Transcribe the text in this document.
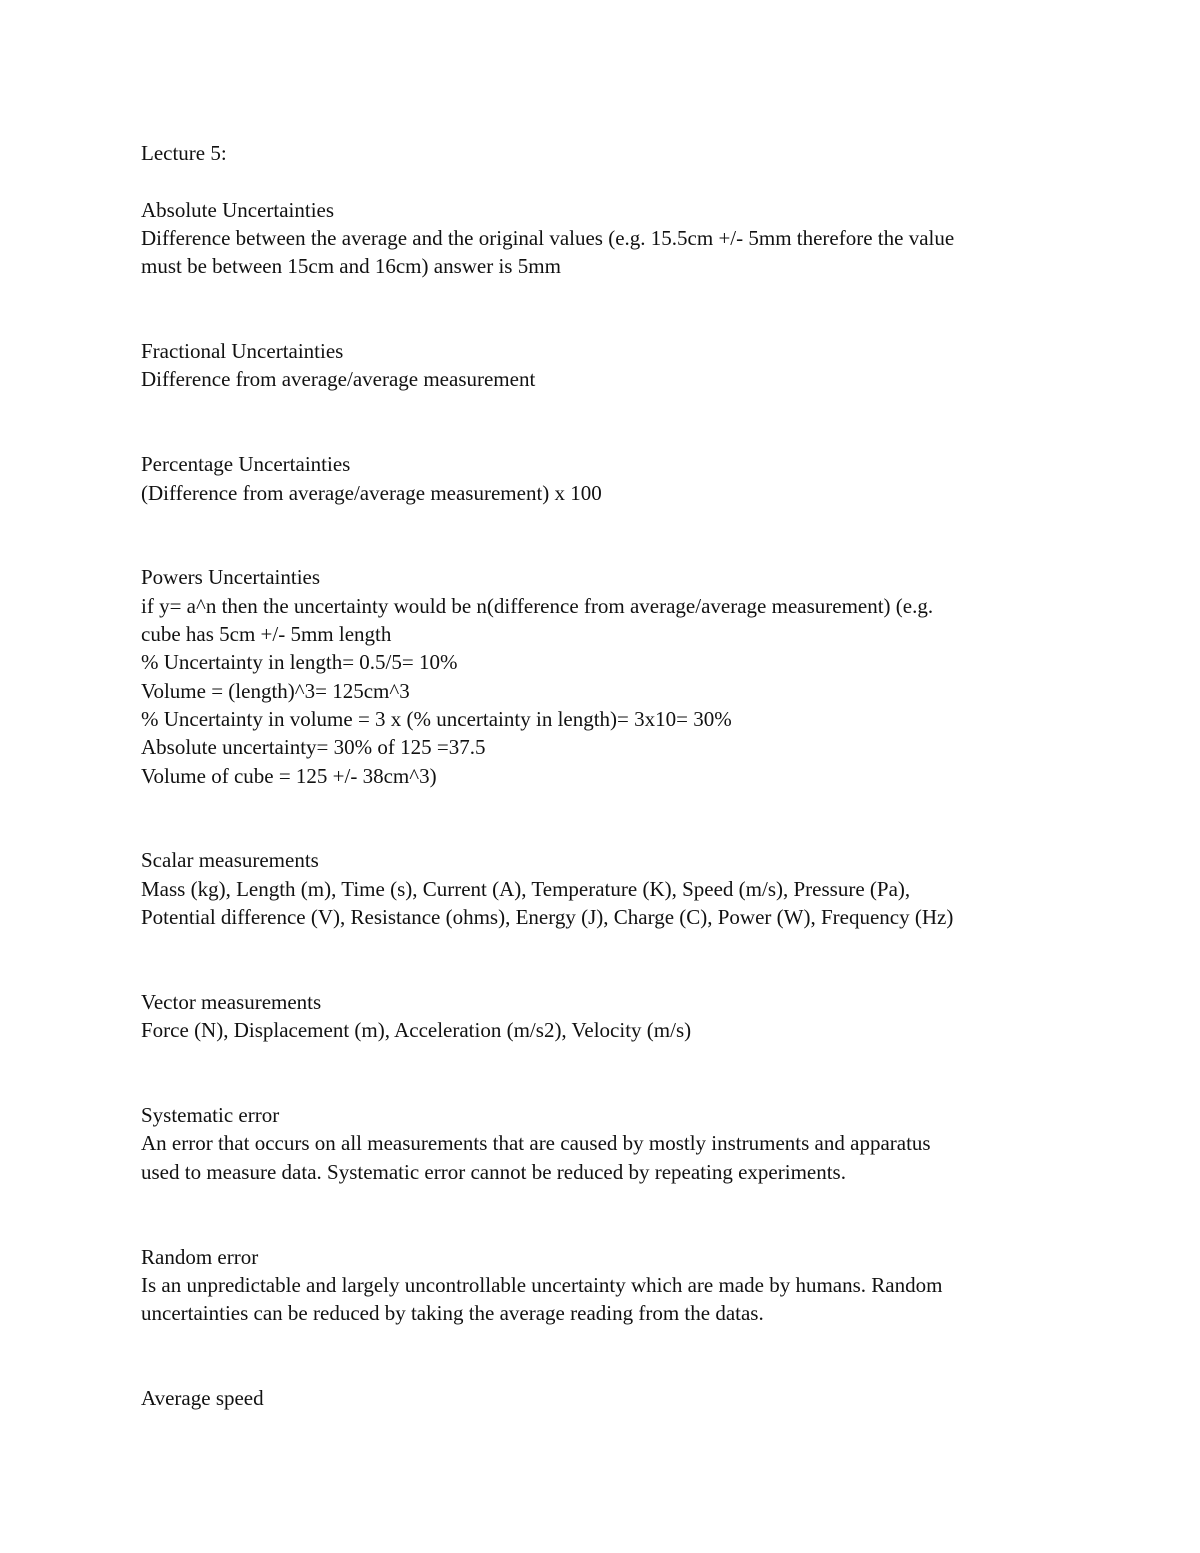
Lecture 5:
Absolute Uncertainties
Difference between the average and the original values (e.g. 15.5cm +/- 5mm therefore the value
must be between 15cm and 16cm) answer is 5mm
Fractional Uncertainties
Difference from average/average measurement
Percentage Uncertainties
(Difference from average/average measurement) x 100
Powers Uncertainties
if y= a^n then the uncertainty would be n(difference from average/average measurement) (e.g.
cube has 5cm +/- 5mm length
% Uncertainty in length= 0.5/5= 10%
Volume = (length)^3= 125cm^3
% Uncertainty in volume = 3 x (% uncertainty in length)= 3x10= 30%
Absolute uncertainty= 30% of 125 =37.5
Volume of cube = 125 +/- 38cm^3)
Scalar measurements
Mass (kg), Length (m), Time (s), Current (A), Temperature (K), Speed (m/s), Pressure (Pa),
Potential difference (V), Resistance (ohms), Energy (J), Charge (C), Power (W), Frequency (Hz)
Vector measurements
Force (N), Displacement (m), Acceleration (m/s2), Velocity (m/s)
Systematic error
An error that occurs on all measurements that are caused by mostly instruments and apparatus
used to measure data. Systematic error cannot be reduced by repeating experiments.
Random error
Is an unpredictable and largely uncontrollable uncertainty which are made by humans. Random
uncertainties can be reduced by taking the average reading from the datas.
Average speed
